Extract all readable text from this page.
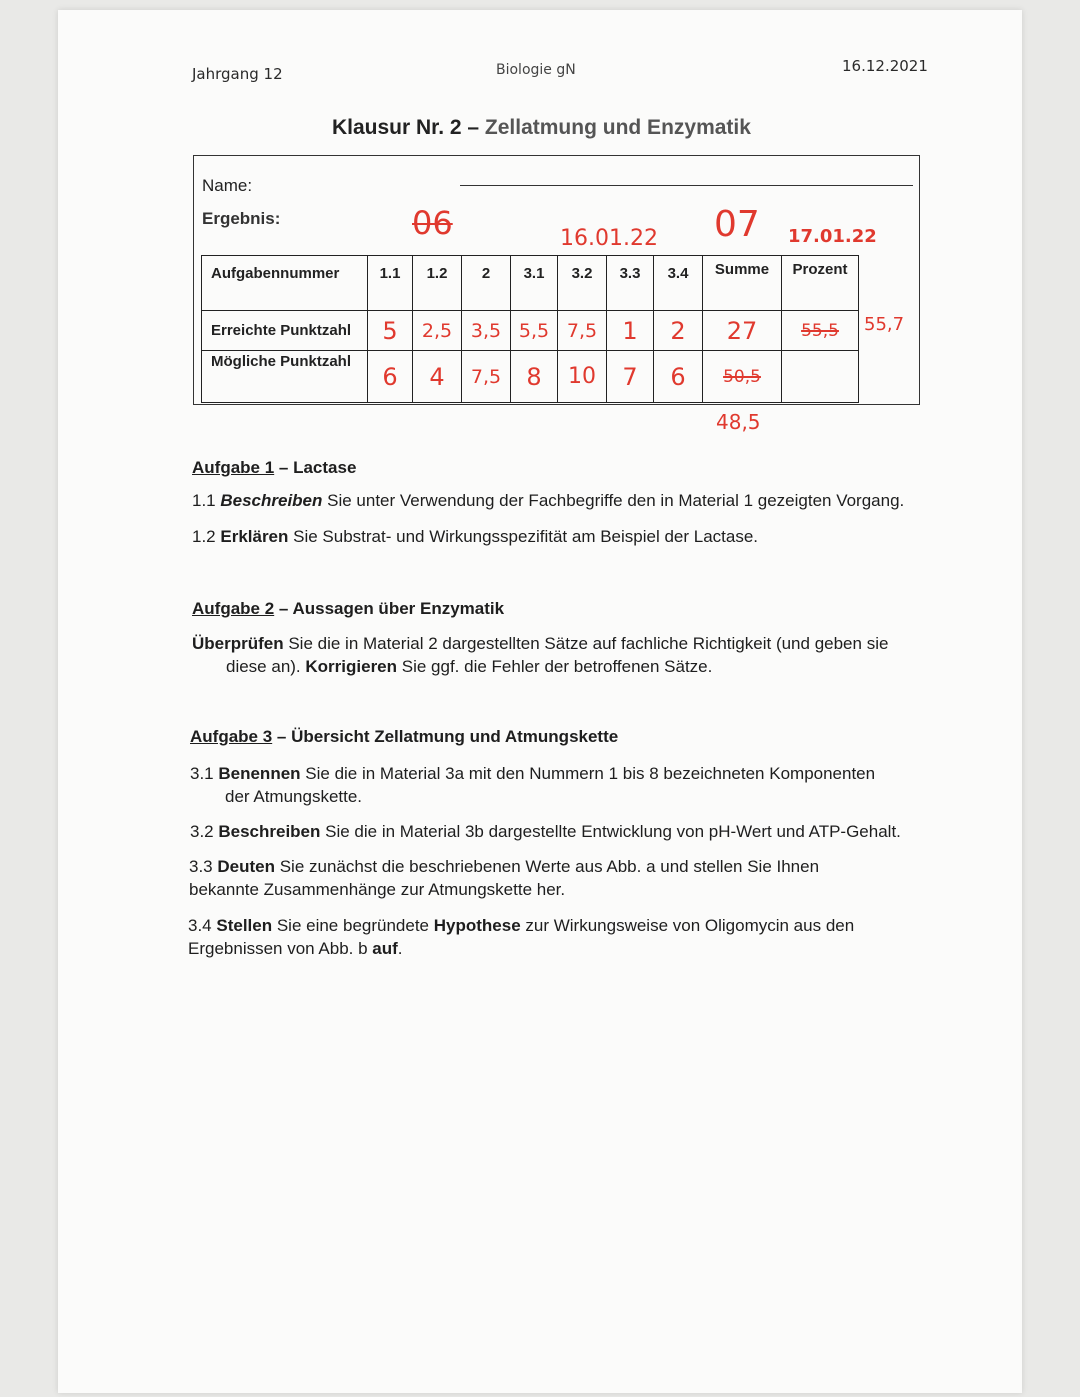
Jahrgang 12	Biologie gN	16.12.2021
Klausur Nr. 2 – Zellatmung und Enzymatik
Name:
Ergebnis:	06	16.01.22 07 17.01.22
Aufgabennummer	1.1	1.2	2	3.1	3.2	3.3	3.4	Summe	Prozent
Erreichte Punktzahl	5	2,5	3,5	5,5	7,5	1	2	27	55,5
Mögliche Punktzahl	6	4	7,5	8	10	7	6	50,5	
55,7
48,5
Aufgabe 1 – Lactase
1.1 Beschreiben Sie unter Verwendung der Fachbegriffe den in Material 1 gezeigten Vorgang.
1.2 Erklären Sie Substrat- und Wirkungsspezifität am Beispiel der Lactase.
Aufgabe 2 – Aussagen über Enzymatik
Überprüfen Sie die in Material 2 dargestellten Sätze auf fachliche Richtigkeit (und geben sie
diese an). Korrigieren Sie ggf. die Fehler der betroffenen Sätze.
Aufgabe 3 – Übersicht Zellatmung und Atmungskette
3.1 Benennen Sie die in Material 3a mit den Nummern 1 bis 8 bezeichneten Komponenten
der Atmungskette.
3.2 Beschreiben Sie die in Material 3b dargestellte Entwicklung von pH-Wert und ATP-Gehalt.
3.3 Deuten Sie zunächst die beschriebenen Werte aus Abb. a und stellen Sie Ihnen
bekannte Zusammenhänge zur Atmungskette her.
3.4 Stellen Sie eine begründete Hypothese zur Wirkungsweise von Oligomycin aus den
Ergebnissen von Abb. b auf.
